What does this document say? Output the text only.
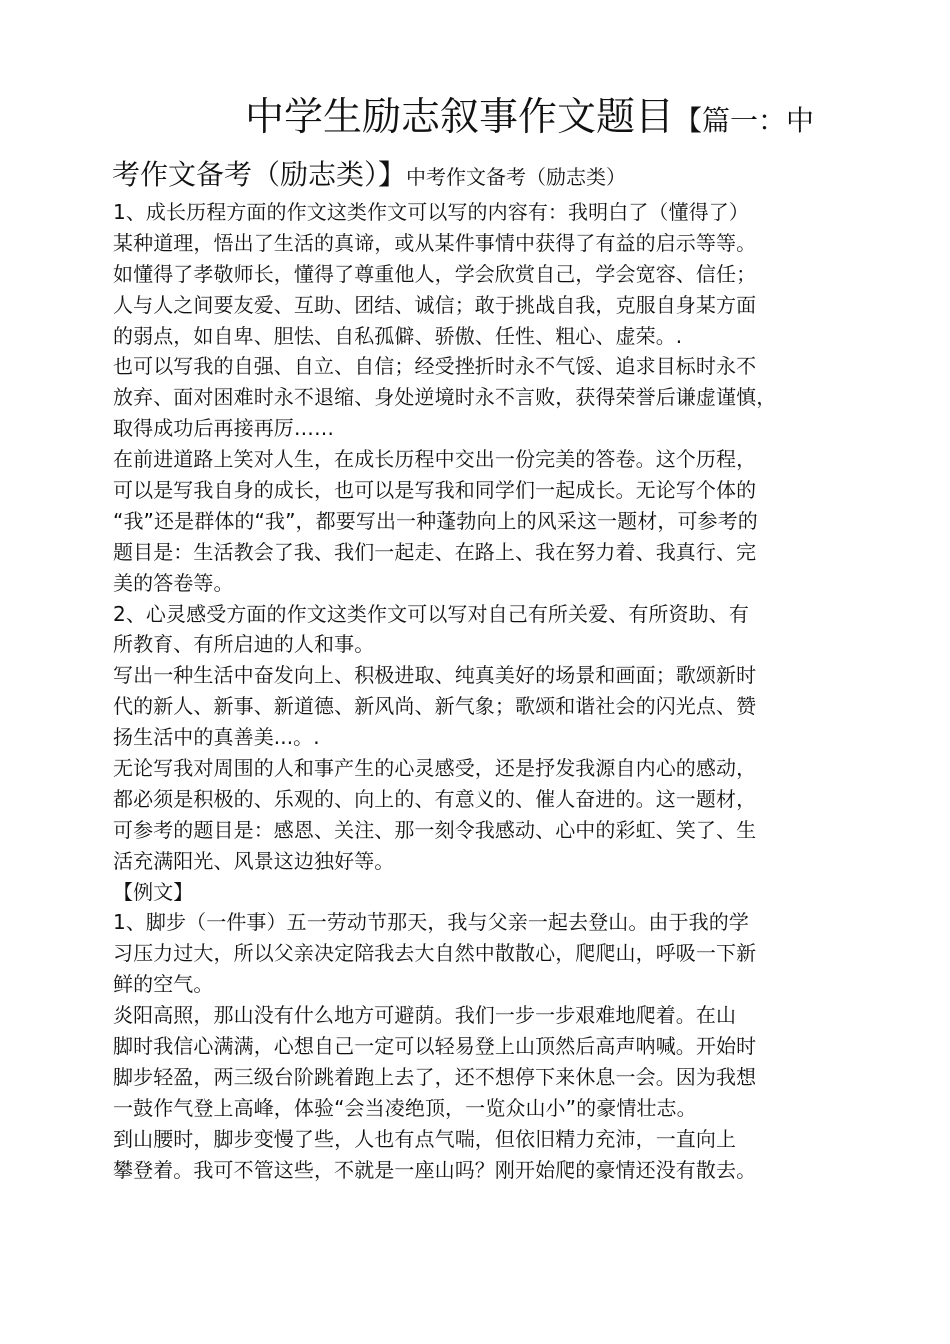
中学生励志叙事作文题目【篇一：中
考作文备考（励志类）】中考作文备考（励志类）
1、成长历程方面的作文这类作文可以写的内容有：我明白了（懂得了）
某种道理，悟出了生活的真谛，或从某件事情中获得了有益的启示等等。
如懂得了孝敬师长，懂得了尊重他人，学会欣赏自己，学会宽容、信任；
人与人之间要友爱、互助、团结、诚信；敢于挑战自我，克服自身某方面
的弱点，如自卑、胆怯、自私孤僻、骄傲、任性、粗心、虚荣。.
也可以写我的自强、自立、自信；经受挫折时永不气馁、追求目标时永不
放弃、面对困难时永不退缩、身处逆境时永不言败，获得荣誉后谦虚谨慎，
取得成功后再接再厉……
在前进道路上笑对人生，在成长历程中交出一份完美的答卷。这个历程，
可以是写我自身的成长，也可以是写我和同学们一起成长。无论写个体的
“我”还是群体的“我”，都要写出一种蓬勃向上的风采这一题材，可参考的
题目是：生活教会了我、我们一起走、在路上、我在努力着、我真行、完
美的答卷等。
2、心灵感受方面的作文这类作文可以写对自己有所关爱、有所资助、有
所教育、有所启迪的人和事。
写出一种生活中奋发向上、积极进取、纯真美好的场景和画面；歌颂新时
代的新人、新事、新道德、新风尚、新气象；歌颂和谐社会的闪光点、赞
扬生活中的真善美...。.
无论写我对周围的人和事产生的心灵感受，还是抒发我源自内心的感动，
都必须是积极的、乐观的、向上的、有意义的、催人奋进的。这一题材，
可参考的题目是：感恩、关注、那一刻令我感动、心中的彩虹、笑了、生
活充满阳光、风景这边独好等。
【例文】
1、脚步（一件事）五一劳动节那天，我与父亲一起去登山。由于我的学
习压力过大，所以父亲决定陪我去大自然中散散心，爬爬山，呼吸一下新
鲜的空气。
炎阳高照，那山没有什么地方可避荫。我们一步一步艰难地爬着。在山
脚时我信心满满，心想自己一定可以轻易登上山顶然后高声呐喊。开始时
脚步轻盈，两三级台阶跳着跑上去了，还不想停下来休息一会。因为我想
一鼓作气登上高峰，体验“会当凌绝顶，一览众山小”的豪情壮志。
到山腰时，脚步变慢了些，人也有点气喘，但依旧精力充沛，一直向上
攀登着。我可不管这些，不就是一座山吗？刚开始爬的豪情还没有散去。
